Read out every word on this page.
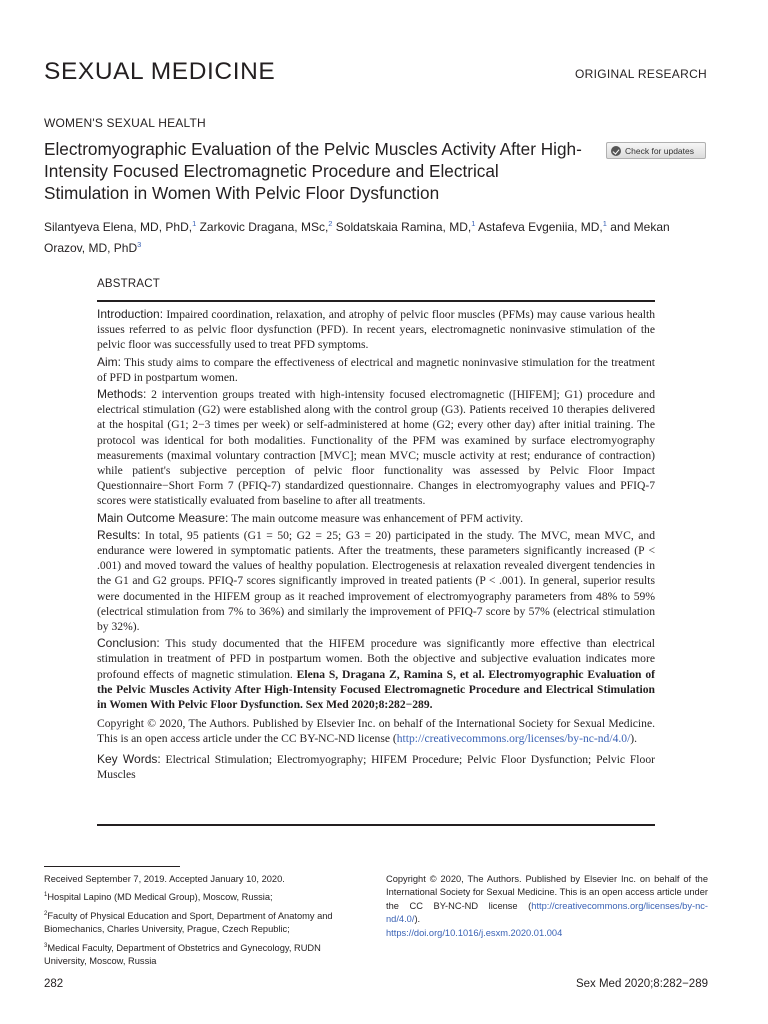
SEXUAL MEDICINE	ORIGINAL RESEARCH
WOMEN'S SEXUAL HEALTH
Electromyographic Evaluation of the Pelvic Muscles Activity After High-Intensity Focused Electromagnetic Procedure and Electrical Stimulation in Women With Pelvic Floor Dysfunction
Check for updates
Silantyeva Elena, MD, PhD,$^1$ Zarkovic Dragana, MSc,$^2$ Soldatskaia Ramina, MD,$^1$ Astafeva Evgeniia, MD,$^1$ and Mekan Orazov, MD, PhD$^3$
ABSTRACT

Introduction: Impaired coordination, relaxation, and atrophy of pelvic floor muscles (PFMs) may cause various health issues referred to as pelvic floor dysfunction (PFD). In recent years, electromagnetic noninvasive stimulation of the pelvic floor was successfully used to treat PFD symptoms.

Aim: This study aims to compare the effectiveness of electrical and magnetic noninvasive stimulation for the treatment of PFD in postpartum women.

Methods: 2 intervention groups treated with high-intensity focused electromagnetic ([HIFEM]; G1) procedure and electrical stimulation (G2) were established along with the control group (G3). Patients received 10 therapies delivered at the hospital (G1; 2−3 times per week) or self-administered at home (G2; every other day) after initial training. The protocol was identical for both modalities. Functionality of the PFM was examined by surface electromyography measurements (maximal voluntary contraction [MVC]; mean MVC; muscle activity at rest; endurance of contraction) while patient's subjective perception of pelvic floor functionality was assessed by Pelvic Floor Impact Questionnaire−Short Form 7 (PFIQ-7) standardized questionnaire. Changes in electromyography values and PFIQ-7 scores were statistically evaluated from baseline to after all treatments.

Main Outcome Measure: The main outcome measure was enhancement of PFM activity.

Results: In total, 95 patients (G1 = 50; G2 = 25; G3 = 20) participated in the study. The MVC, mean MVC, and endurance were lowered in symptomatic patients. After the treatments, these parameters significantly increased (P < .001) and moved toward the values of healthy population. Electrogenesis at relaxation revealed divergent tendencies in the G1 and G2 groups. PFIQ-7 scores significantly improved in treated patients (P < .001). In general, superior results were documented in the HIFEM group as it reached improvement of electromyography parameters from 48% to 59% (electrical stimulation from 7% to 36%) and similarly the improvement of PFIQ-7 score by 57% (electrical stimulation by 32%).

Conclusion: This study documented that the HIFEM procedure was significantly more effective than electrical stimulation in treatment of PFD in postpartum women. Both the objective and subjective evaluation indicates more profound effects of magnetic stimulation. Elena S, Dragana Z, Ramina S, et al. Electromyographic Evaluation of the Pelvic Muscles Activity After High-Intensity Focused Electromagnetic Procedure and Electrical Stimulation in Women With Pelvic Floor Dysfunction. Sex Med 2020;8:282−289.

Copyright © 2020, The Authors. Published by Elsevier Inc. on behalf of the International Society for Sexual Medicine. This is an open access article under the CC BY-NC-ND license (http://creativecommons.org/licenses/by-nc-nd/4.0/).

Key Words: Electrical Stimulation; Electromyography; HIFEM Procedure; Pelvic Floor Dysfunction; Pelvic Floor Muscles

Received September 7, 2019. Accepted January 10, 2020.

$^1$Hospital Lapino (MD Medical Group), Moscow, Russia;

$^2$Faculty of Physical Education and Sport, Department of Anatomy and Biomechanics, Charles University, Prague, Czech Republic;

$^3$Medical Faculty, Department of Obstetrics and Gynecology, RUDN University, Moscow, Russia

Copyright © 2020, The Authors. Published by Elsevier Inc. on behalf of the International Society for Sexual Medicine. This is an open access article under the CC BY-NC-ND license (http://creativecommons.org/licenses/by-nc-nd/4.0/).
https://doi.org/10.1016/j.esxm.2020.01.004
282	Sex Med 2020;8:282−289
